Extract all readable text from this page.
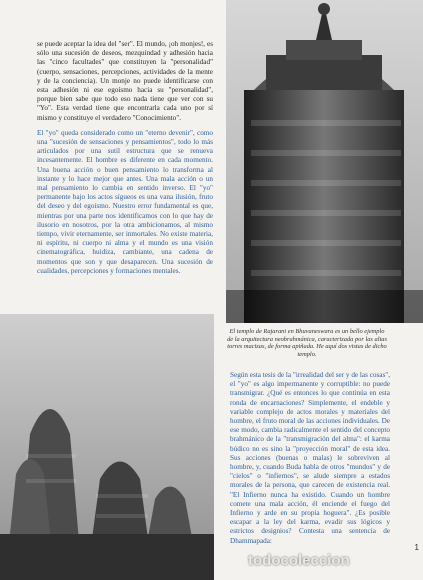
se puede aceptar la idea del "ser". El mundo, ¡oh monjes!, es sólo una sucesión de deseos, mezquindad y adhesión hacia las "cinco facultades" que constituyen la "personalidad" (cuerpo, sensaciones, percepciones, actividades de la mente y de la conciencia). Un monje no puede identificarse con esta adhesión ni ese egoísmo hacia su "personalidad", porque bien sabe que todo eso nada tiene que ver con su "Yo". Esta verdad tiene que encontrarla cada uno por sí mismo y constituye el verdadero "Conocimiento".

El "yo" queda considerado como un "eterno devenir", como una "sucesión de sensaciones y pensamientos", todo lo más articulados por una sutil estructura que se renueva incesantemente. El hombre es diferente en cada momento. Una buena acción o buen pensamiento lo transforma al instante y lo hace mejor que antes. Una mala acción o un mal pensamiento lo cambia en sentido inverso. El "yo" permanente bajo los actos sígueos es una vana ilusión, fruto del deseo y del egoísmo. Nuestro error fundamental es que, mientras por una parte nos identificamos con lo que hay de ilusorio en nosotros, por la otra ambicionamos, al mismo tiempo, vivir eternamente, ser inmortales. No existe materia, ni espíritu, ni cuerpo ni alma y el mundo es una visión cinematográfica, huidiza, cambiante, una cadena de momentos que son y que desaparecen. Una sucesión de cualidades, percepciones y formaciones mentales.

El templo de Rajarani en Bhuvaneswara es un bello ejemplo de la arquitectura neobrahmánica, caracterizada por las altas torres macizas, de forma apiñada. He aquí dos vistas de dicho templo.

Según esta tesis de la "irrealidad del ser y de las cosas", el "yo" es algo impermanente y corruptible: no puede transmigrar. ¿Qué es entonces lo que continúa en esta ronda de encarnaciones? Simplemente, el endeble y variable complejo de actos morales y materiales del hombre, el fruto moral de las acciones individuales. De ese modo, cambia radicalmente el sentido del concepto brahmánico de la "transmigración del alma": el karma búdico no es sino la "proyección moral" de esta idea. Sus acciones (buenas o malas) le sobreviven al hombre, y, cuando Buda habla de otros "mundos" y de "cielos" o "infiernos", se alude siempre a estados morales de la persona, que carecen de existencia real. "El Infierno nunca ha existido. Cuando un hombre comete una mala acción, él enciende el fuego del Infierno y arde en su propia hoguera". ¿Es posible escapar a la ley del karma, evadir sus lógicos y estrictos designios? Contesta una sentencia de Dhammapada:

1
todocoleccion
